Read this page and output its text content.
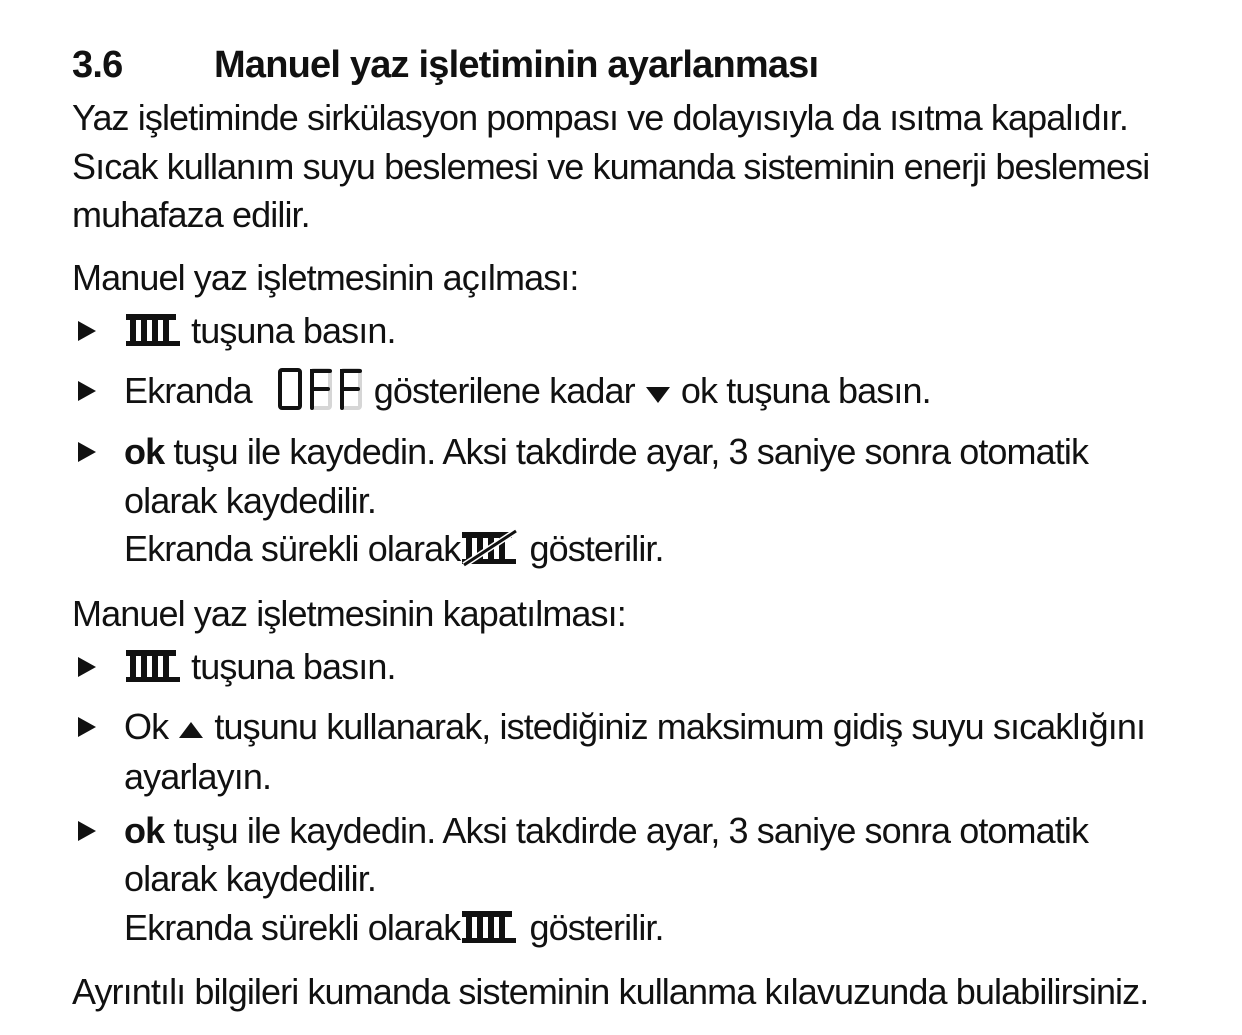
3.6	Manuel yaz işletiminin ayarlanması
Yaz işletiminde sirkülasyon pompası ve dolayısıyla da ısıtma kapalıdır.
Sıcak kullanım suyu beslemesi ve kumanda sisteminin enerji beslemesi
muhafaza edilir.
Manuel yaz işletmesinin açılması:
tuşuna basın.
Ekranda	gösterilene kadar ok tuşuna basın.
ok tuşu ile kaydedin. Aksi takdirde ayar, 3 saniye sonra otomatik
olarak kaydedilir.
Ekranda sürekli olarak gösterilir.
Manuel yaz işletmesinin kapatılması:
tuşuna basın.
Ok tuşunu kullanarak, istediğiniz maksimum gidiş suyu sıcaklığını
ayarlayın.
ok tuşu ile kaydedin. Aksi takdirde ayar, 3 saniye sonra otomatik
olarak kaydedilir.
Ekranda sürekli olarak gösterilir.
Ayrıntılı bilgileri kumanda sisteminin kullanma kılavuzunda bulabilirsiniz.
